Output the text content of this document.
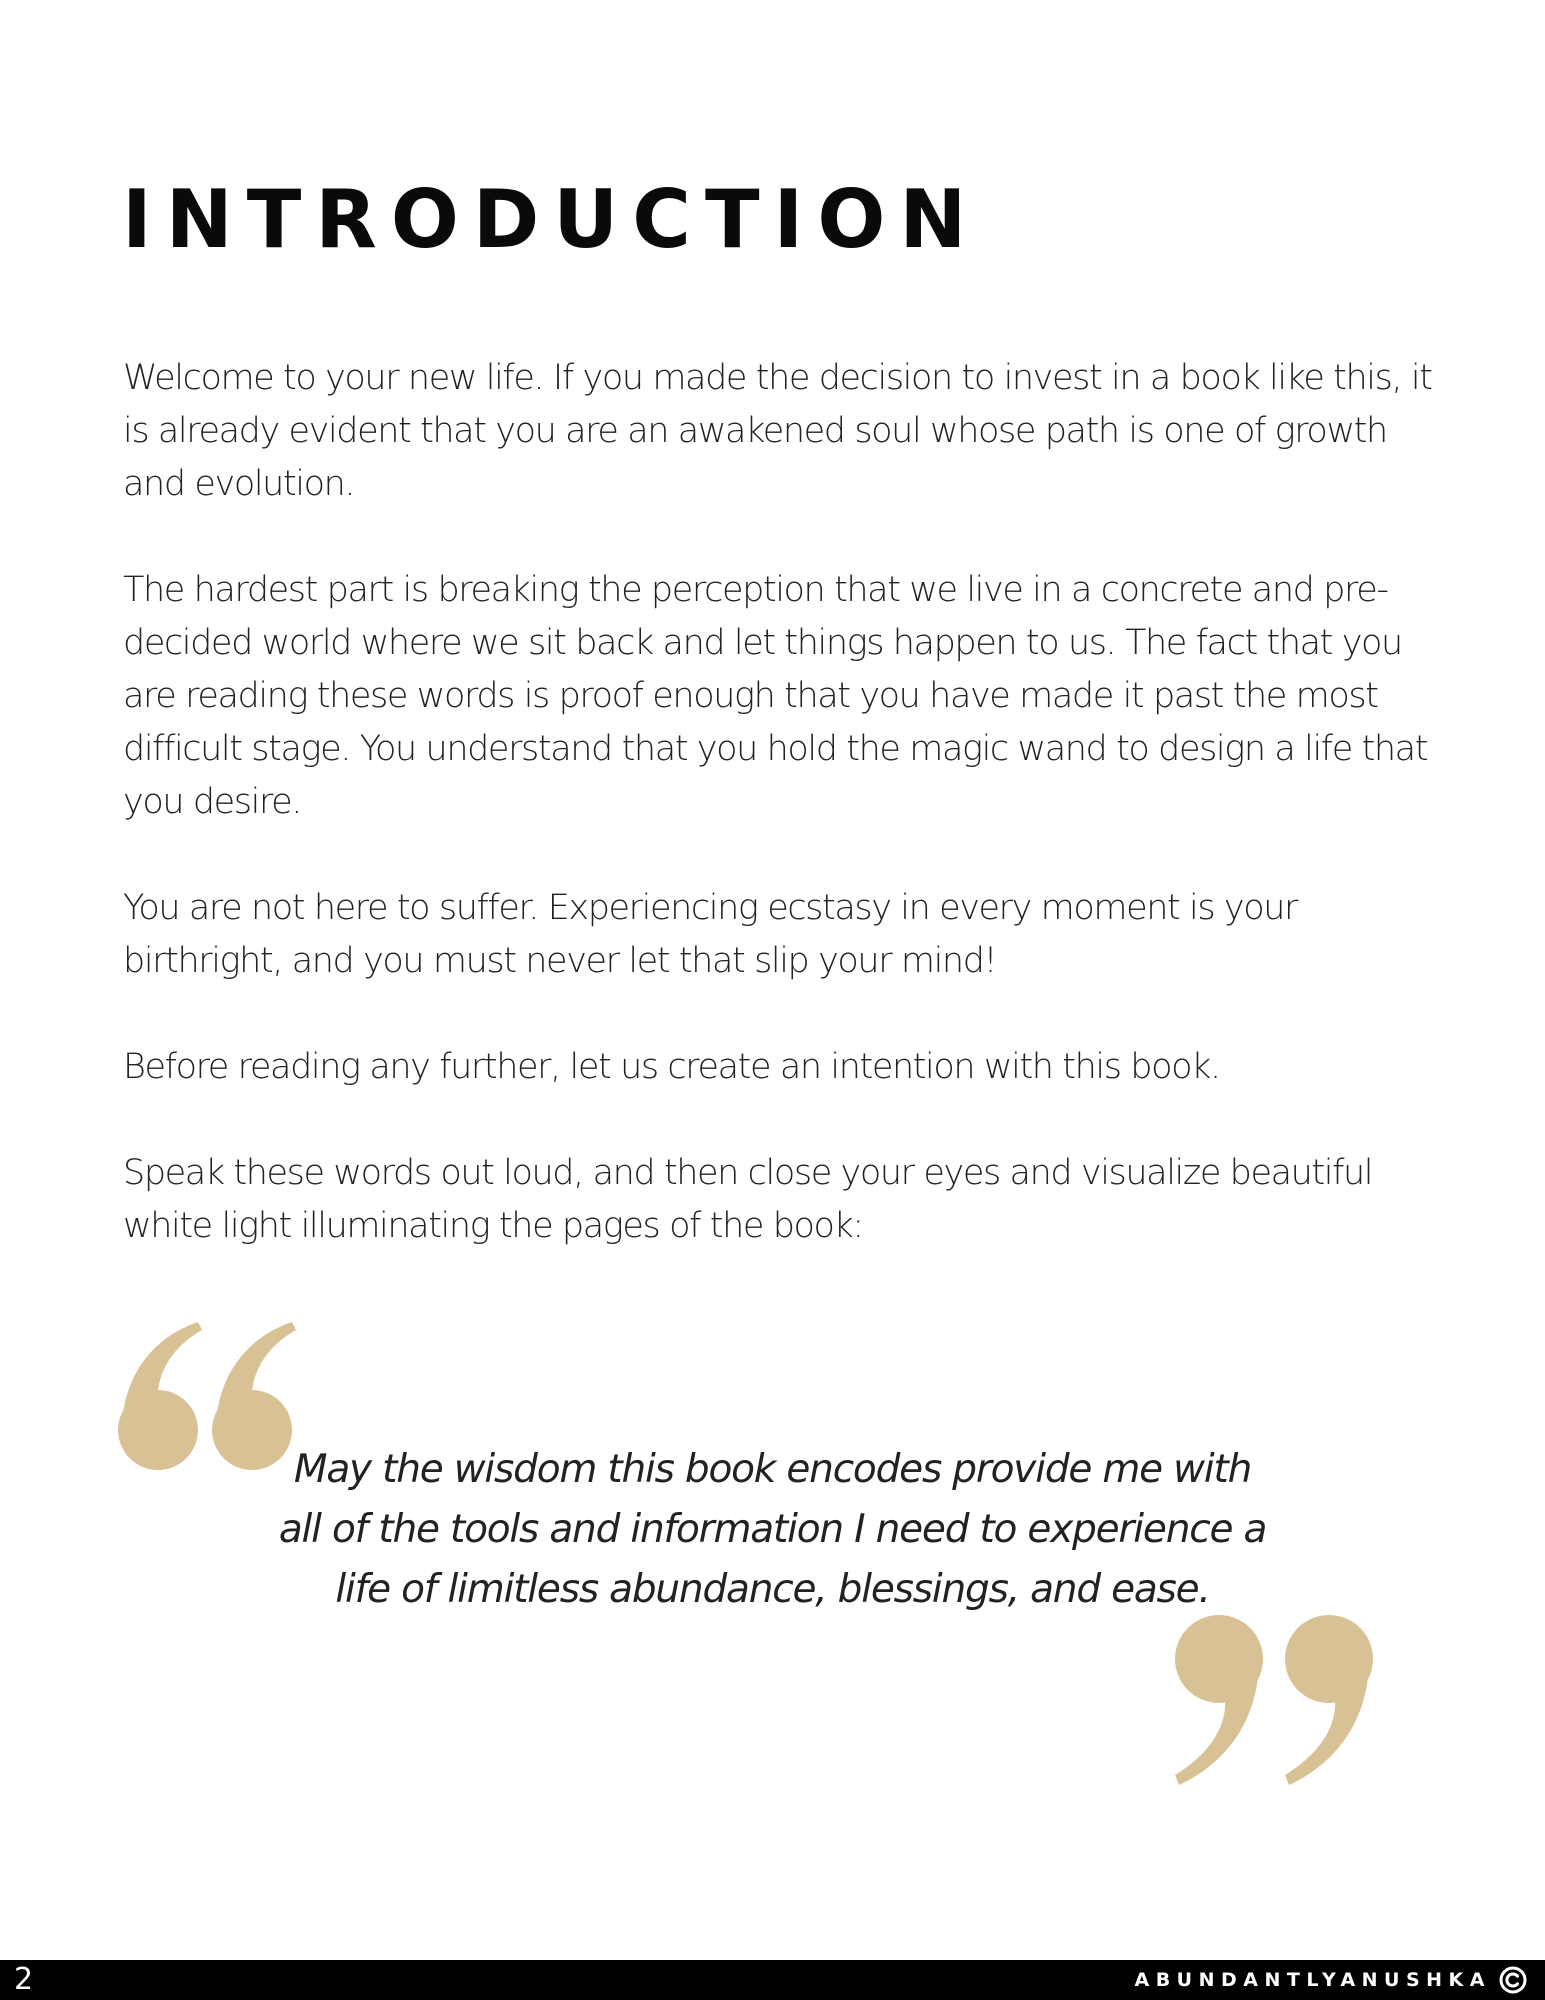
INTRODUCTION

Welcome to your new life. If you made the decision to invest in a book like this, it is already evident that you are an awakened soul whose path is one of growth and evolution.

The hardest part is breaking the perception that we live in a concrete and pre-decided world where we sit back and let things happen to us. The fact that you are reading these words is proof enough that you have made it past the most difficult stage. You understand that you hold the magic wand to design a life that you desire.

You are not here to suffer. Experiencing ecstasy in every moment is your birthright, and you must never let that slip your mind!

Before reading any further, let us create an intention with this book.

Speak these words out loud, and then close your eyes and visualize beautiful white light illuminating the pages of the book:

May the wisdom this book encodes provide me with all of the tools and information I need to experience a life of limitless abundance, blessings, and ease.

2	ABUNDANTLYANUSHKA
